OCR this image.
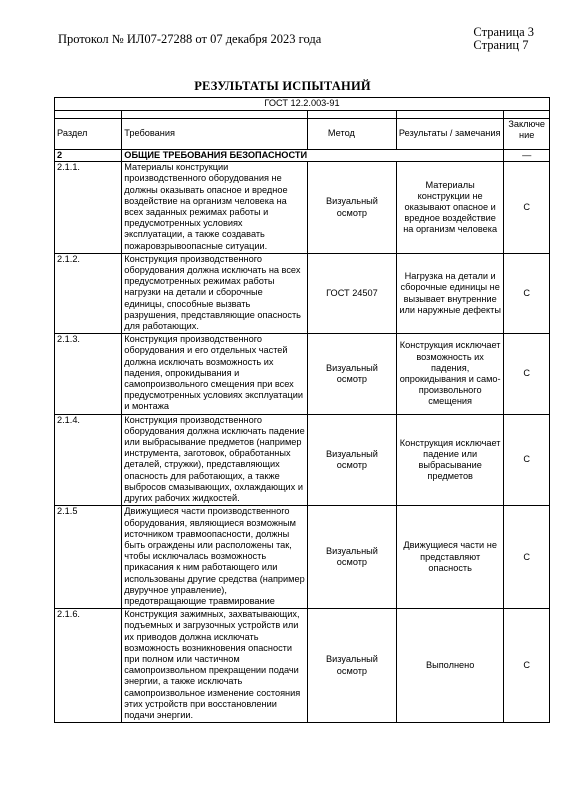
Протокол № ИЛ07-27288 от 07 декабря 2023 года	Страница 3
Страниц 7
РЕЗУЛЬТАТЫ ИСПЫТАНИЙ
ГОСТ 12.2.003-91				

Раздел	Требования	Метод	Результаты / замечания	Заключение
2	ОБЩИЕ ТРЕБОВАНИЯ БЕЗОПАСНОСТИ			—
2.1.1.	Материалы конструкции производственного оборудования не должны оказывать опасное и вредное воздействие на организм человека на всех заданных режимах работы и предусмотренных условиях эксплуатации, а также создавать пожаровзрывоопасные ситуации.	Визуальный осмотр	Материалы конструкции не оказывают опасное и вредное воздействие на организм человека	С
2.1.2.	Конструкция производственного оборудования должна исключать на всех предусмотренных режимах работы нагрузки на детали и сборочные единицы, способные вызвать разрушения, представляющие опасность для работающих.	ГОСТ 24507	Нагрузка на детали и сборочные единицы не вызывает внутренние или наружные дефекты	С
2.1.3.	Конструкция производственного оборудования и его отдельных частей должна исключать возможность их падения, опрокидывания и самопроизвольного смещения при всех предусмотренных условиях эксплуатации и монтажа	Визуальный осмотр	Конструкция исключает возможность их падения, опрокидывания и само-произвольного смещения	С
2.1.4.	Конструкция производственного оборудования должна исключать падение или выбрасывание предметов (например инструмента, заготовок, обработанных деталей, стружки), представляющих опасность для работающих, а также выбросов смазывающих, охлаждающих и других рабочих жидкостей.	Визуальный осмотр	Конструкция исключает падение или выбрасывание предметов	С
2.1.5	Движущиеся части производственного оборудования, являющиеся возможным источником травмоопасности, должны быть ограждены или расположены так, чтобы исключалась возможность прикасания к ним работающего или использованы другие средства (например двуручное управление), предотвращающие травмирование	Визуальный осмотр	Движущиеся части не представляют опасность	С
2.1.6.	Конструкция зажимных, захватывающих, подъемных и загрузочных устройств или их приводов должна исключать возможность возникновения опасности при полном или частичном самопроизвольном прекращении подачи энергии, а также исключать самопроизвольное изменение состояния этих устройств при восстановлении подачи энергии.	Визуальный осмотр	Выполнено	С
